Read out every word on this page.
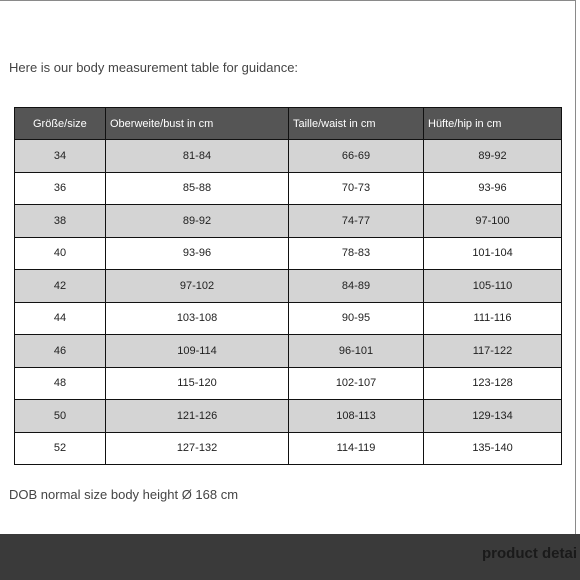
Here is our body measurement table for guidance:

Größe/size	Oberweite/bust in cm	Taille/waist in cm	Hüfte/hip in cm
34	81-84	66-69	89-92
36	85-88	70-73	93-96
38	89-92	74-77	97-100
40	93-96	78-83	101-104
42	97-102	84-89	105-110
44	103-108	90-95	111-116
46	109-114	96-101	117-122
48	115-120	102-107	123-128
50	121-126	108-113	129-134
52	127-132	114-119	135-140

DOB normal size body height Ø 168 cm

product detai
